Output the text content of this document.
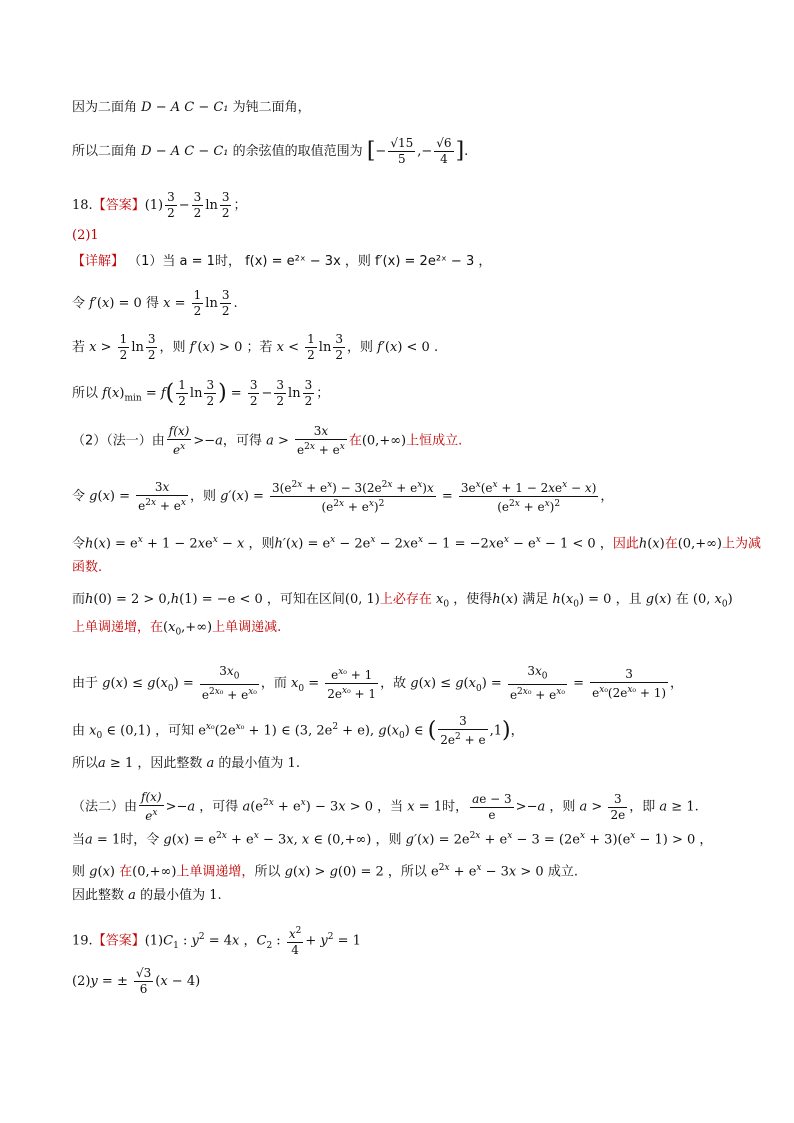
因为二面角 D − A C − C₁ 为钝二面角，
所以二面角 D − A C − C₁ 的余弦值的取值范围为 [− $\frac{√15}{5}$ ,− $\frac{√6}{4}$ ].
18.【答案】$(1) \frac{3}{2} - \frac{3}{2}$ $\ln \frac{3}{2}$ ；
(2)1
【详解】 （1）当 a = 1时， f(x) = e²ˣ − 3x ，则 f′(x) = 2e²ˣ − 3 ，
令 f′(x) = 0 得 $x = \frac{1}{2}$ $\ln \frac{3}{2}$ .
若 $x > \frac{1}{2}$ $\ln \frac{3}{2}$ ，则 f′(x) > 0 ；若 $x < \frac{1}{2}$ $\ln \frac{3}{2}$ ，则 f′(x) < 0 .
所以 $f(x)_{min} = f( \frac{1}{2}$ $\ln \frac{3}{2}$ ) = $\frac{3}{2} - \frac{3}{2}$ $\ln \frac{3}{2}$ ；
（2）（法一）由 $\frac{f(x)}{e^x} >-a$，可得 $a > \frac{3x}{e^{2x} + e^x}$ 在(0,+∞)上恒成立.
令 $g(x) = \frac{3x}{e^{2x} + e^x}$ ，则 $g'(x) = \frac{3(e^{2x} + e^x) - 3(2e^{2x} + e^x)x}{(e^{2x} + e^x)^2} = \frac{3e^x(e^x + 1 - 2xe^x - x)}{(e^{2x} + e^x)^2}$ ，
令$h(x) = e^x + 1 - 2xe^x - x$ ，则$h'(x) = e^x - 2e^x - 2xe^x - 1 = -2xe^x - e^x - 1 < 0$ ，因此h(x)在(0,+∞)上为减
函数.
而h(0) = 2 > 0,h(1) = −e < 0 ，可知在区间(0, 1)上必存在 $x_0$ ，使得h(x) 满足 $h(x_0) = 0$ ，且 g(x) 在 (0, $x_0$)
上单调递增，在$(x_0,+\infty)$上单调递减.
由于 $g(x) \le g(x_0) = \frac{3x_0}{e^{2x_0} + e^{x_0}}$ ，而 $x_0 = \frac{e^{x_0} + 1}{2e^{x_0} + 1}$ ，故 $g(x) \le g(x_0) = \frac{3x_0}{e^{2x_0} + e^{x_0}} = \frac{3}{e^{x_0}(2e^{x_0} + 1)}$ ，
由 $x_0$ ∈ (0,1) ，可知 $e^{x_0}(2e^{x_0} + 1)$ ∈ (3, $2e^2 + e$), $g(x_0)$ ∈ ( $\frac{3}{2e^2 + e} ,1$)，
所以a ≥ 1 ，因此整数 a 的最小值为 1.
（法二）由 $\frac{f(x)}{e^x} >-a$ ，可得 $a(e^{2x} + e^x) - 3x > 0$ ，当 x = 1时， $\frac{ae - 3}{e} >-a$ ，则 $a > \frac{3}{2e}$ ，即 a ≥ 1.
当a = 1时，令 $g(x) = e^{2x} + e^x - 3x$, x ∈ (0,+∞) ，则 $g'(x) = 2e^{2x} + e^x - 3 = (2e^x + 3)(e^x - 1) > 0$ ，
则 g(x) 在(0,+∞)上单调递增，所以 g(x) > g(0) = 2 ，所以 $e^{2x} + e^x - 3x > 0$ 成立.
因此整数 a 的最小值为 1.
19.【答案】$(1)C_1$ : $y^2 = 4x$ ，$C_2$ : $\frac{x^2}{4} + y^2 = 1$
(2)y = ± $\frac{√3}{6} (x - 4)$
